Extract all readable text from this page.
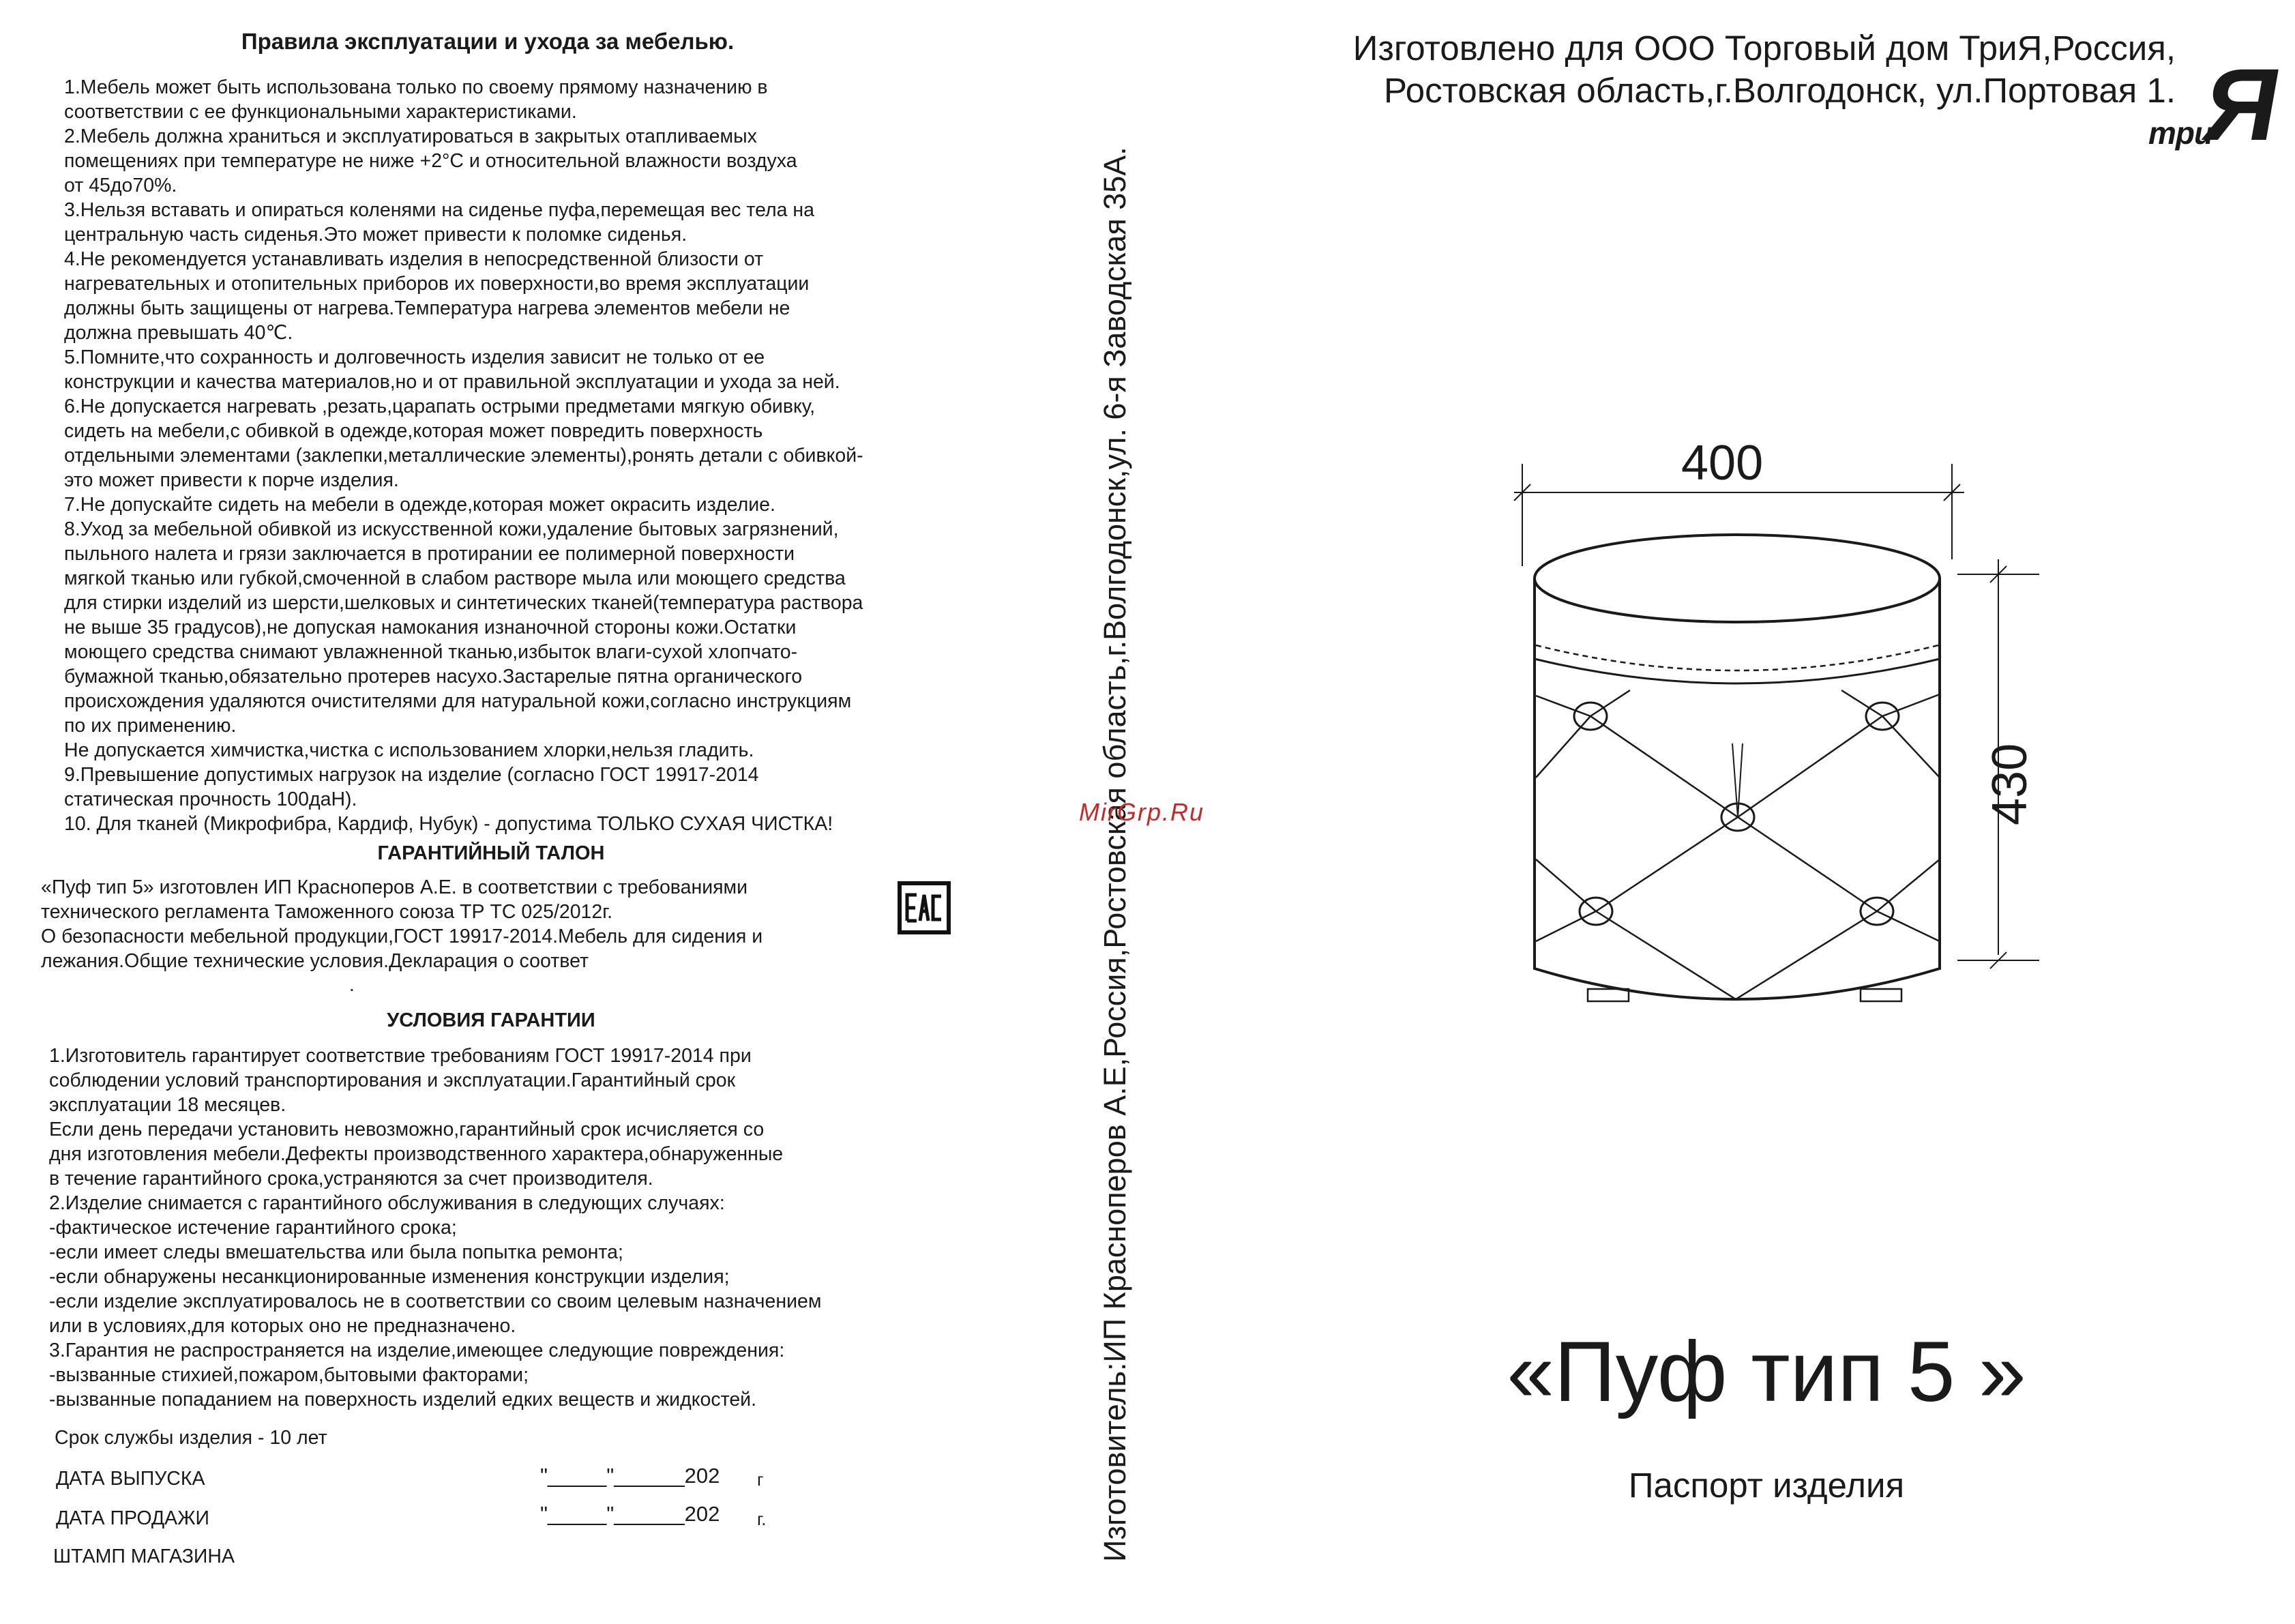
Правила эксплуатации и ухода за мебелью.

1.Мебель может быть использована только по своему прямому назначению в

соответствии с ее функциональными характеристиками.

2.Мебель должна храниться и эксплуатироваться в закрытых отапливаемых

помещениях при температуре не ниже +2°С и относительной влажности воздуха

от 45до70%.

3.Нельзя вставать и опираться коленями на сиденье пуфа,перемещая вес тела на

центральную часть сиденья.Это может привести к поломке сиденья.

4.Не рекомендуется устанавливать изделия в непосредственной близости от

нагревательных и отопительных приборов их поверхности,во время эксплуатации

должны быть защищены от нагрева.Температура нагрева элементов мебели не

должна превышать 40℃.

5.Помните,что сохранность и долговечность изделия зависит не только от ее

конструкции и качества материалов,но и от правильной эксплуатации и ухода за ней.

6.Не допускается нагревать ,резать,царапать острыми предметами мягкую обивку,

сидеть на мебели,с обивкой в одежде,которая может повредить поверхность

отдельными элементами (заклепки,металлические элементы),ронять детали с обивкой-

это может привести к порче изделия.

7.Не допускайте сидеть на мебели в одежде,которая может окрасить изделие.

8.Уход за мебельной обивкой из искусственной кожи,удаление бытовых загрязнений,

пыльного налета и грязи заключается в протирании ее полимерной поверхности

мягкой тканью или губкой,смоченной в слабом растворе мыла или моющего средства

для стирки изделий из шерсти,шелковых и синтетических тканей(температура раствора

не выше 35 градусов),не допуская намокания изнаночной стороны кожи.Остатки

моющего средства снимают увлажненной тканью,избыток влаги-сухой хлопчато-

бумажной тканью,обязательно протерев насухо.Застарелые пятна органического

происхождения удаляются очистителями для натуральной кожи,согласно инструкциям

по их применению.

Не допускается химчистка,чистка с использованием хлорки,нельзя гладить.

9.Превышение допустимых нагрузок на изделие (согласно ГОСТ 19917-2014

статическая прочность 100даН).

10. Для тканей (Микрофибра, Кардиф, Нубук) - допустима ТОЛЬКО СУХАЯ ЧИСТКА!

ГАРАНТИЙНЫЙ ТАЛОН

«Пуф тип 5» изготовлен ИП Красноперов А.Е. в соответствии с требованиями

технического регламента Таможенного союза ТР ТС 025/2012г.

О безопасности мебельной продукции,ГОСТ 19917-2014.Мебель для сидения и

лежания.Общие технические условия.Декларация о соответ

.
УСЛОВИЯ ГАРАНТИИ

1.Изготовитель гарантирует соответствие требованиям ГОСТ 19917-2014 при

соблюдении условий транспортирования и эксплуатации.Гарантийный срок

эксплуатации 18 месяцев.

Если день передачи установить невозможно,гарантийный срок исчисляется со

дня изготовления мебели.Дефекты производственного характера,обнаруженные

в течение гарантийного срока,устраняются за счет производителя.

2.Изделие снимается с гарантийного обслуживания в следующих случаях:

-фактическое истечение гарантийного срока;

-если имеет следы вмешательства или была попытка ремонта;

-если обнаружены несанкционированные изменения конструкции изделия;

-если изделие эксплуатировалось не в соответствии со своим целевым назначением

или в условиях,для которых оно не предназначено.

3.Гарантия не распространяется на изделие,имеющее следующие повреждения:

-вызванные стихией,пожаром,бытовыми факторами;

-вызванные попаданием на поверхность изделий едких веществ и жидкостей.

Срок службы изделия - 10 лет
ДАТА ВЫПУСКА	"_____"______202 г
ДАТА ПРОДАЖИ	"_____"______202 г.
ШТАМП МАГАЗИНА	Изготовитель:ИП Красноперов А.Е,Россия,Ростовская область,г.Волгодонск,ул. 6-я Заводская 35А.
MirGrp.Ru
Изготовлено для ООО Торговый дом ТриЯ,Россия,
Ростовская область,г.Волгодонск, ул.Портовая 1.
три
Я
400
430
«Пуф тип 5 »
Паспорт изделия
